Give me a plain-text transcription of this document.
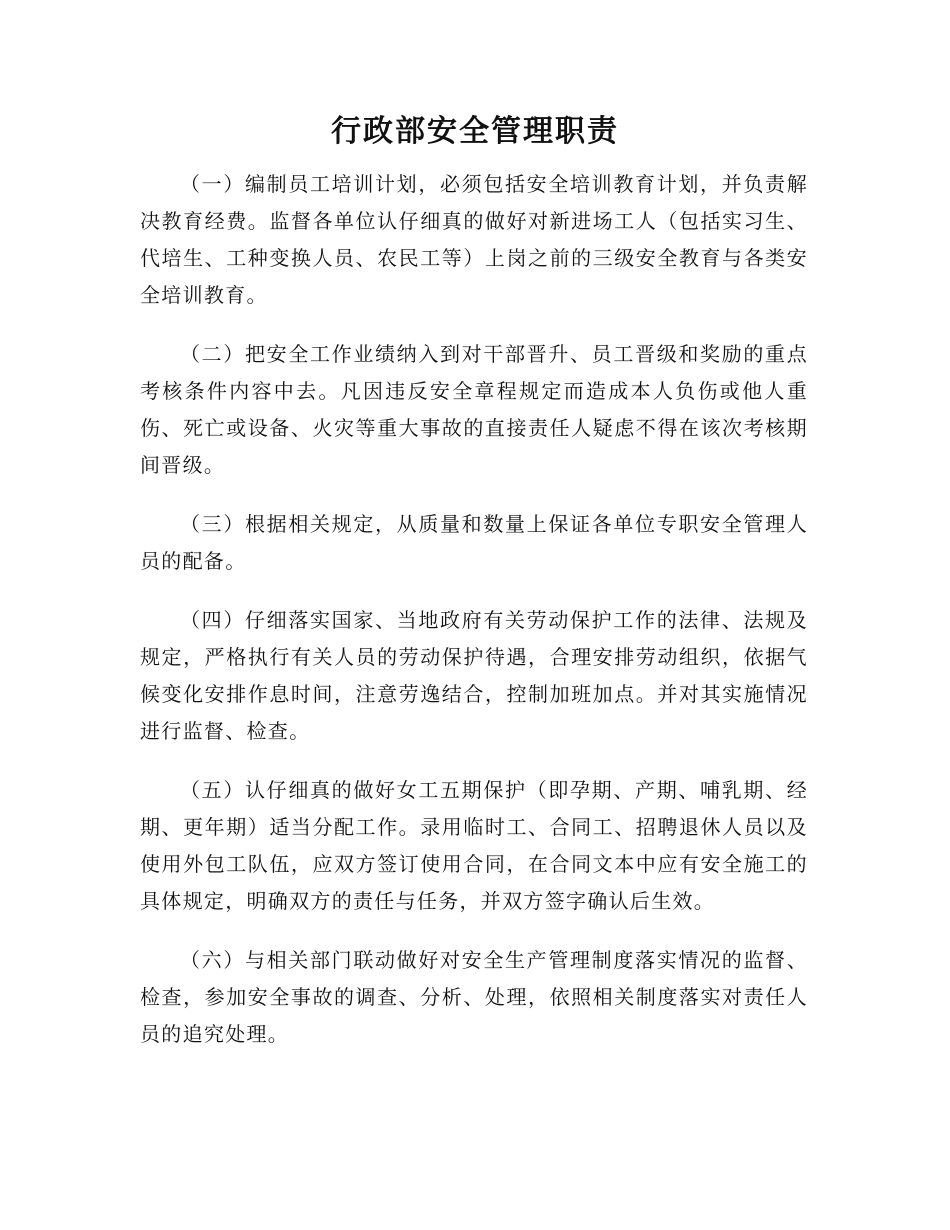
行政部安全管理职责

（一）编制员工培训计划，必须包括安全培训教育计划，并负责解决教育经费。监督各单位认仔细真的做好对新进场工人（包括实习生、代培生、工种变换人员、农民工等）上岗之前的三级安全教育与各类安全培训教育。

（二）把安全工作业绩纳入到对干部晋升、员工晋级和奖励的重点考核条件内容中去。凡因违反安全章程规定而造成本人负伤或他人重伤、死亡或设备、火灾等重大事故的直接责任人疑虑不得在该次考核期间晋级。

（三）根据相关规定，从质量和数量上保证各单位专职安全管理人员的配备。

（四）仔细落实国家、当地政府有关劳动保护工作的法律、法规及规定，严格执行有关人员的劳动保护待遇，合理安排劳动组织，依据气候变化安排作息时间，注意劳逸结合，控制加班加点。并对其实施情况进行监督、检查。

（五）认仔细真的做好女工五期保护（即孕期、产期、哺乳期、经期、更年期）适当分配工作。录用临时工、合同工、招聘退休人员以及使用外包工队伍，应双方签订使用合同，在合同文本中应有安全施工的具体规定，明确双方的责任与任务，并双方签字确认后生效。

（六）与相关部门联动做好对安全生产管理制度落实情况的监督、检查，参加安全事故的调查、分析、处理，依照相关制度落实对责任人员的追究处理。
